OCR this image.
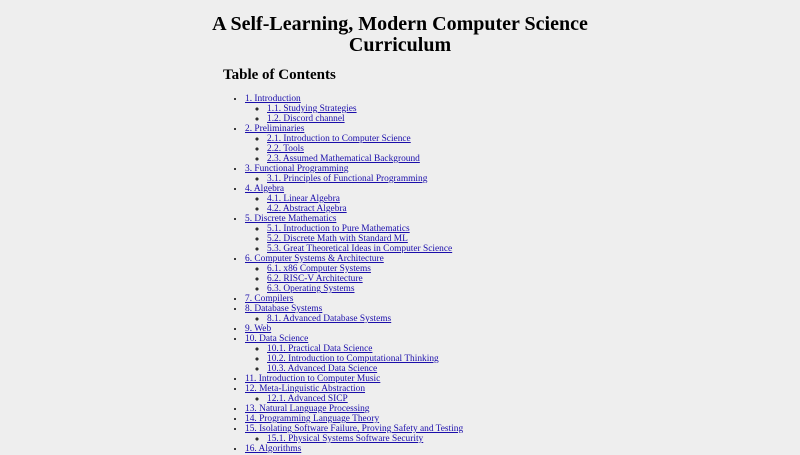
A Self-Learning, Modern Computer Science
Curriculum
Table of Contents
• 1. Introduction
◦ 1.1. Studying Strategies
◦ 1.2. Discord channel
• 2. Preliminaries
◦ 2.1. Introduction to Computer Science
◦ 2.2. Tools
◦ 2.3. Assumed Mathematical Background
• 3. Functional Programming
◦ 3.1. Principles of Functional Programming
• 4. Algebra
◦ 4.1. Linear Algebra
◦ 4.2. Abstract Algebra
• 5. Discrete Mathematics
◦ 5.1. Introduction to Pure Mathematics
◦ 5.2. Discrete Math with Standard ML
◦ 5.3. Great Theoretical Ideas in Computer Science
• 6. Computer Systems & Architecture
◦ 6.1. x86 Computer Systems
◦ 6.2. RISC-V Architecture
◦ 6.3. Operating Systems
• 7. Compilers
• 8. Database Systems
◦ 8.1. Advanced Database Systems
• 9. Web
• 10. Data Science
◦ 10.1. Practical Data Science
◦ 10.2. Introduction to Computational Thinking
◦ 10.3. Advanced Data Science
• 11. Introduction to Computer Music
• 12. Meta-Linguistic Abstraction
◦ 12.1. Advanced SICP
• 13. Natural Language Processing
• 14. Programming Language Theory
• 15. Isolating Software Failure, Proving Safety and Testing
◦ 15.1. Physical Systems Software Security
• 16. Algorithms
